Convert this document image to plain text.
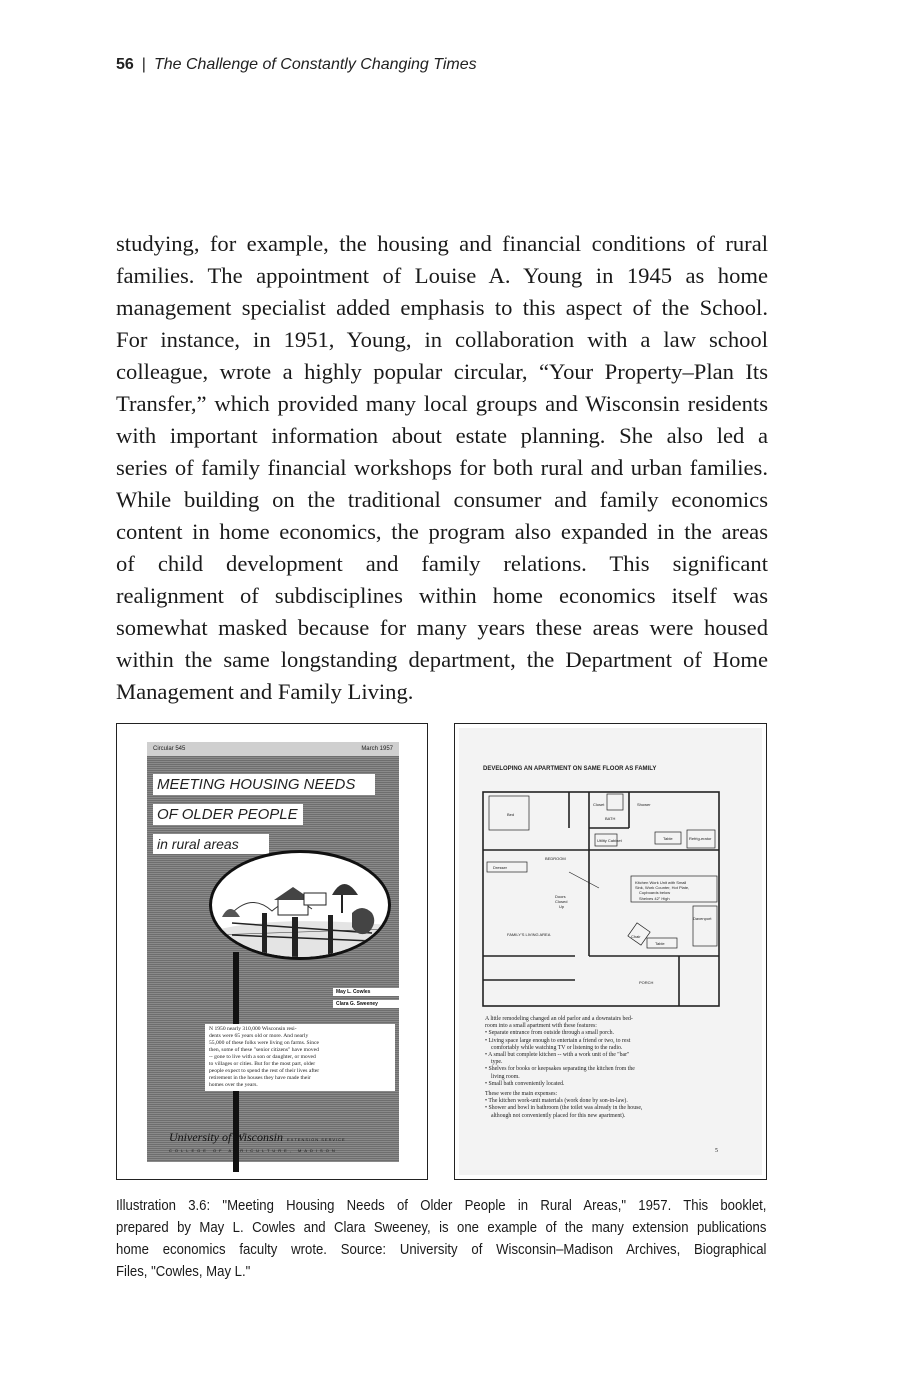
56 | The Challenge of Constantly Changing Times
studying, for example, the housing and financial conditions of rural
families. The appointment of Louise A. Young in 1945 as home
management specialist added emphasis to this aspect of the School.
For instance, in 1951, Young, in collaboration with a law school
colleague, wrote a highly popular circular, “Your Property–Plan Its
Transfer,” which provided many local groups and Wisconsin residents
with important information about estate planning. She also led a
series of family financial workshops for both rural and urban families.
While building on the traditional consumer and family economics
content in home economics, the program also expanded in the areas
of child development and family relations. This significant
realignment of subdisciplines within home economics itself was
somewhat masked because for many years these areas were housed
within the same longstanding department, the Department of Home
Management and Family Living.
Circular 545	March 1957
MEETING HOUSING NEEDS
OF OLDER PEOPLE
in rural areas
May L. Cowles
Clara G. Sweeney
N 1950 nearly 310,000 Wisconsin resi-
dents were 65 years old or more. And nearly
55,000 of these folks were living on farms. Since
then, some of these "senior citizens" have moved
-- gone to live with a son or daughter, or moved
to villages or cities. But for the most part, older
people expect to spend the rest of their lives after
retirement in the houses they have made their
homes over the years.
University of Wisconsin EXTENSION SERVICE
COLLEGE OF AGRICULTURE, MADISON
DEVELOPING AN APARTMENT ON SAME FLOOR AS FAMILY
Bed
Closet	Shower
BATH
Utility Cabinet	Table	Refrig-erator
BEDROOM
Dresser
Kitchen Work Unit with Small
Sink, Work Counter, Hot Plate,
Cupboards below
Shelves 42" High
Doors
Closed
Up
Davenport
FAMILY'S LIVING AREA	Chair
Table
PORCH
A little remodeling changed an old parlor and a downstairs bed-
room into a small apartment with these features:
• Separate entrance from outside through a small porch.
• Living space large enough to entertain a friend or two, to rest
comfortably while watching TV or listening to the radio.
• A small but complete kitchen -- with a work unit of the "bar"
type.
• Shelves for books or keepsakes separating the kitchen from the
living room.
• Small bath conveniently located.
These were the main expenses:
• The kitchen work-unit materials (work done by son-in-law).
• Shower and bowl in bathroom (the toilet was already in the house,
although not conveniently placed for this new apartment).
5
Illustration 3.6: "Meeting Housing Needs of Older People in Rural Areas," 1957. This booklet,
prepared by May L. Cowles and Clara Sweeney, is one example of the many extension publications
home economics faculty wrote. Source: University of Wisconsin–Madison Archives, Biographical
Files, "Cowles, May L."
